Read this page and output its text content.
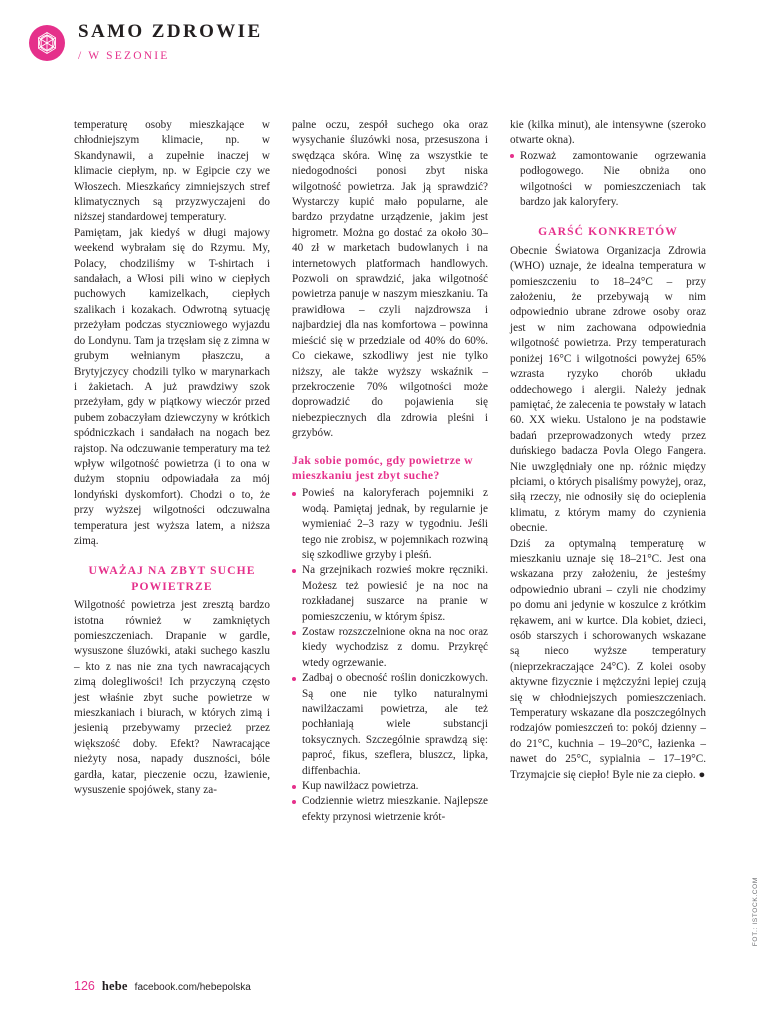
SAMO ZDROWIE
/ W SEZONIE

temperaturę osoby mieszkające w chłodniejszym klimacie, np. w Skandynawii, a zupełnie inaczej w klimacie ciepłym, np. w Egipcie czy we Włoszech. Mieszkańcy zimniejszych stref klimatycznych są przyzwyczajeni do niższej standardowej temperatury.

Pamiętam, jak kiedyś w długi majowy weekend wybrałam się do Rzymu. My, Polacy, chodziliśmy w T-shirtach i sandałach, a Włosi pili wino w ciepłych puchowych kamizelkach, ciepłych szalikach i kozakach. Odwrotną sytuację przeżyłam podczas styczniowego wyjazdu do Londynu. Tam ja trzęsłam się z zimna w grubym wełnianym płaszczu, a Brytyjczycy chodzili tylko w marynarkach i żakietach. A już prawdziwy szok przeżyłam, gdy w piątkowy wieczór przed pubem zobaczyłam dziewczyny w krótkich spódniczkach i sandałach na nogach bez rajstop. Na odczuwanie temperatury ma też wpływ wilgotność powietrza (i to ona w dużym stopniu odpowiadała za mój londyński dyskomfort). Chodzi o to, że przy wyższej wilgotności odczuwalna temperatura jest wyższa latem, a niższa zimą.

UWAŻAJ NA ZBYT SUCHE POWIETRZE

Wilgotność powietrza jest zresztą bardzo istotna również w zamkniętych pomieszczeniach. Drapanie w gardle, wysuszone śluzówki, ataki suchego kaszlu – kto z nas nie zna tych nawracających zimą dolegliwości! Ich przyczyną często jest właśnie zbyt suche powietrze w mieszkaniach i biurach, w których zimą i jesienią przebywamy przecież przez większość doby. Efekt? Nawracające nieżyty nosa, napady duszności, bóle gardła, katar, pieczenie oczu, łzawienie, wysuszenie spojówek, stany za-

palne oczu, zespół suchego oka oraz wysychanie śluzówki nosa, przesuszona i swędząca skóra. Winę za wszystkie te niedogodności ponosi zbyt niska wilgotność powietrza. Jak ją sprawdzić? Wystarczy kupić mało popularne, ale bardzo przydatne urządzenie, jakim jest higrometr. Można go dostać za około 30–40 zł w marketach budowlanych i na internetowych platformach handlowych. Pozwoli on sprawdzić, jaka wilgotność powietrza panuje w naszym mieszkaniu. Ta prawidłowa – czyli najzdrowsza i najbardziej dla nas komfortowa – powinna mieścić się w przedziale od 40% do 60%. Co ciekawe, szkodliwy jest nie tylko niższy, ale także wyższy wskaźnik – przekroczenie 70% wilgotności może doprowadzić do pojawienia się niebezpiecznych dla zdrowia pleśni i grzybów.

Jak sobie pomóc, gdy powietrze w mieszkaniu jest zbyt suche?
Powieś na kaloryferach pojemniki z wodą. Pamiętaj jednak, by regularnie je wymieniać 2–3 razy w tygodniu. Jeśli tego nie zrobisz, w pojemnikach rozwiną się szkodliwe grzyby i pleśń.
Na grzejnikach rozwieś mokre ręczniki. Możesz też powiesić je na noc na rozkładanej suszarce na pranie w pomieszczeniu, w którym śpisz.
Zostaw rozszczelnione okna na noc oraz kiedy wychodzisz z domu. Przykręć wtedy ogrzewanie.
Zadbaj o obecność roślin doniczkowych. Są one nie tylko naturalnymi nawilżaczami powietrza, ale też pochłaniają wiele substancji toksycznych. Szczególnie sprawdzą się: paproć, fikus, szeflera, bluszcz, lipka, diffenbachia.
Kup nawilżacz powietrza.
Codziennie wietrz mieszkanie. Najlepsze efekty przynosi wietrzenie krót-

kie (kilka minut), ale intensywne (szeroko otwarte okna).

Rozważ zamontowanie ogrzewania podłogowego. Nie obniża ono wilgotności w pomieszczeniach tak bardzo jak kaloryfery.
GARŚĆ KONKRETÓW

Obecnie Światowa Organizacja Zdrowia (WHO) uznaje, że idealna temperatura w pomieszczeniu to 18–24°C – przy założeniu, że przebywają w nim odpowiednio ubrane zdrowe osoby oraz jest w nim zachowana odpowiednia wilgotność powietrza. Przy temperaturach poniżej 16°C i wilgotności powyżej 65% wzrasta ryzyko chorób układu oddechowego i alergii. Należy jednak pamiętać, że zalecenia te powstały w latach 60. XX wieku. Ustalono je na podstawie badań przeprowadzonych wtedy przez duńskiego badacza Povla Olego Fangera. Nie uwzględniały one np. różnic między płciami, o których pisaliśmy powyżej, oraz, siłą rzeczy, nie odnosiły się do ocieplenia klimatu, z którym mamy do czynienia obecnie.

Dziś za optymalną temperaturę w mieszkaniu uznaje się 18–21°C. Jest ona wskazana przy założeniu, że jesteśmy odpowiednio ubrani – czyli nie chodzimy po domu ani jedynie w koszulce z krótkim rękawem, ani w kurtce. Dla kobiet, dzieci, osób starszych i schorowanych wskazane są nieco wyższe temperatury (nieprzekraczające 24°C). Z kolei osoby aktywne fizycznie i mężczyźni lepiej czują się w chłodniejszych pomieszczeniach. Temperatury wskazane dla poszczególnych rodzajów pomieszczeń to: pokój dzienny – do 21°C, kuchnia – 19–20°C, łazienka – nawet do 25°C, sypialnia – 17–19°C. Trzymajcie się ciepło! Byle nie za ciepło. ●

FOT.: ISTOCK.COM
126 hebe facebook.com/hebepolska
